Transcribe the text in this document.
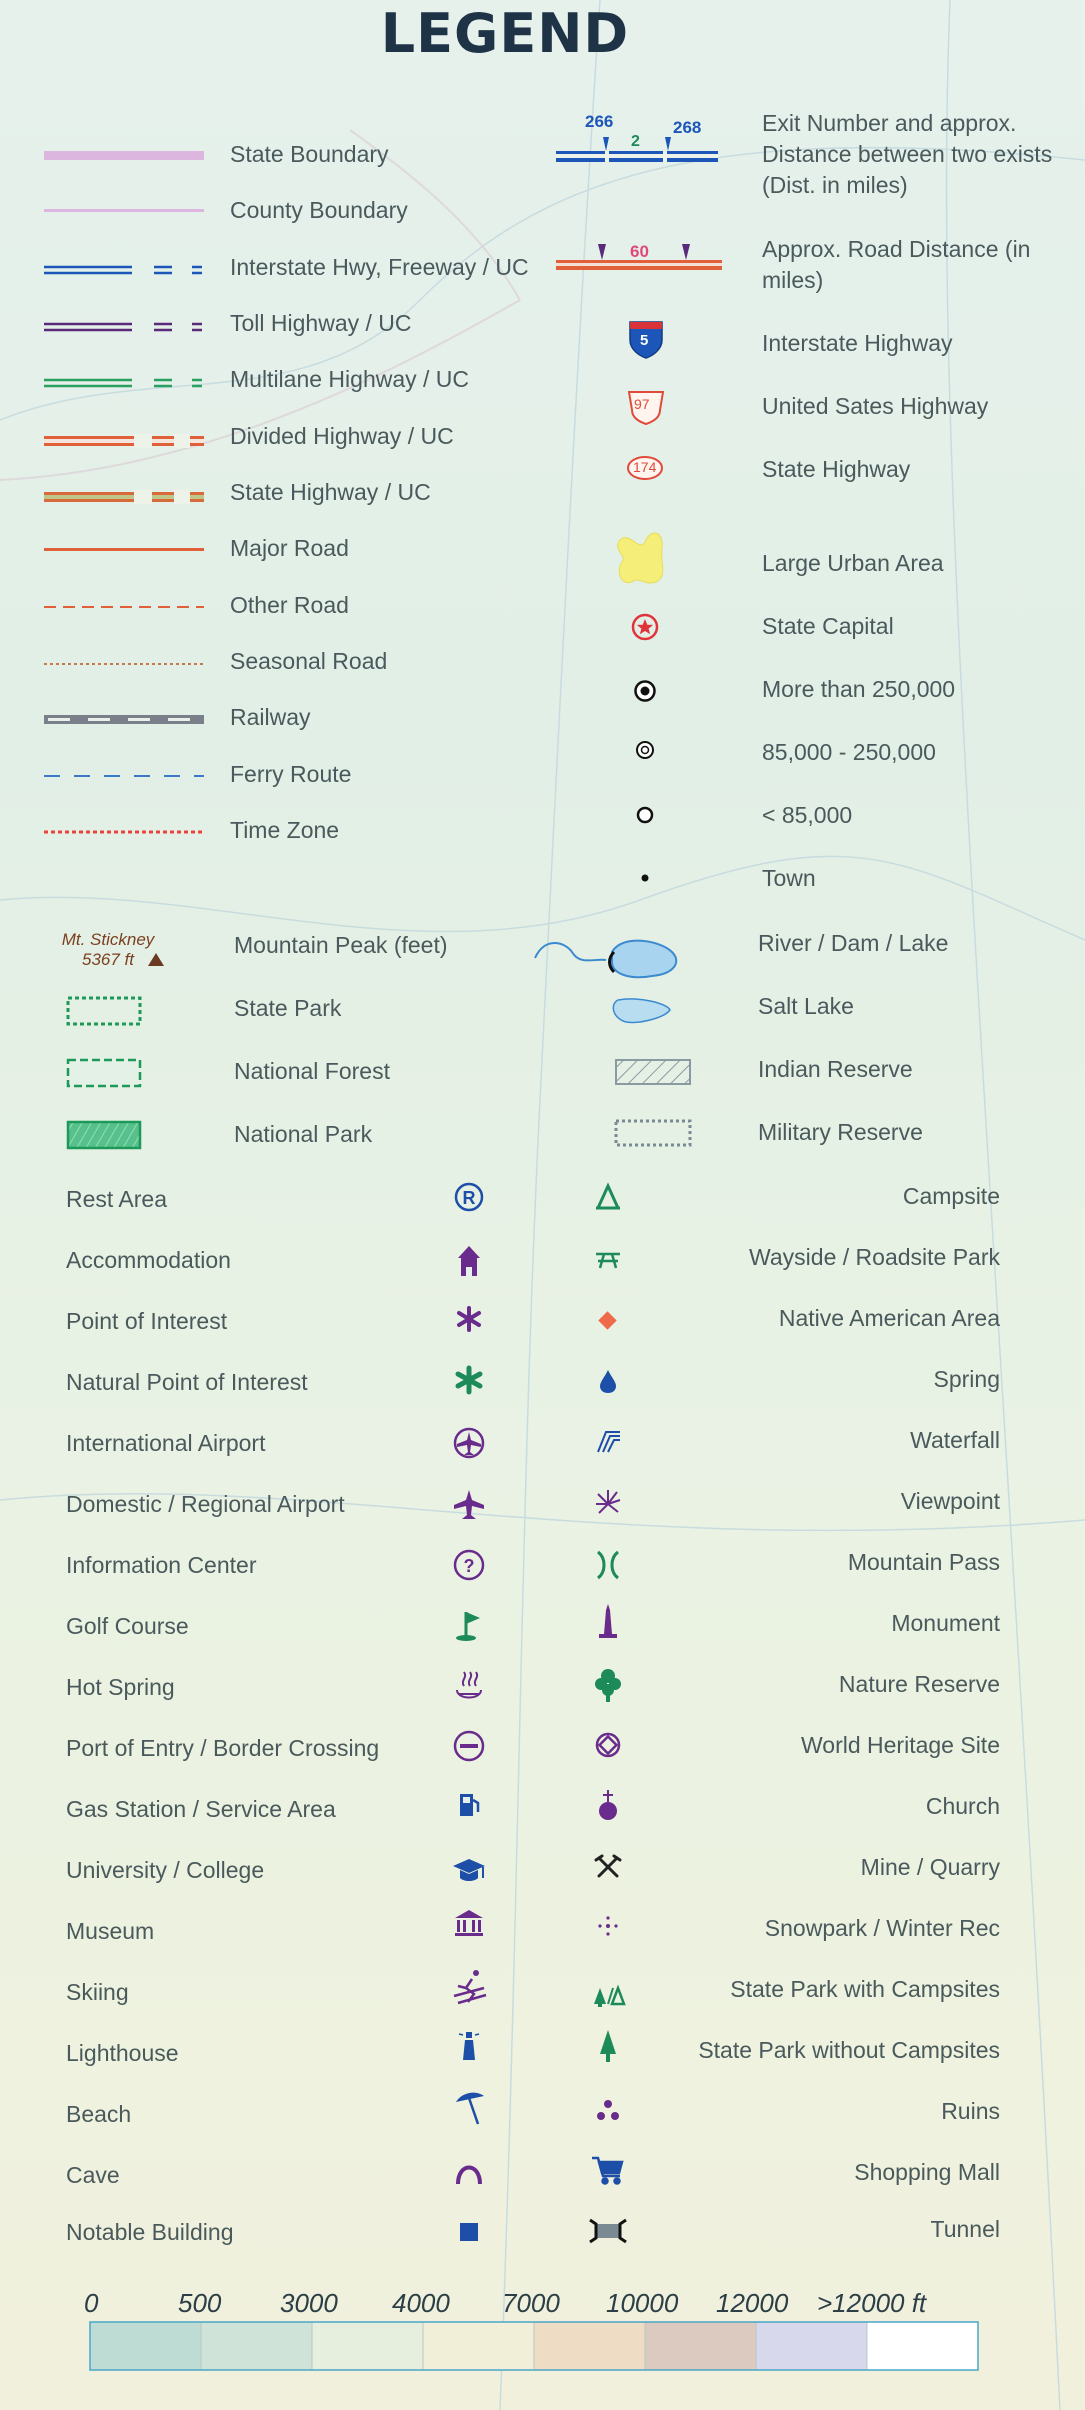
R
?
LEGEND
266
2
268
60
5
97
174
State Boundary
County Boundary
Interstate Hwy, Freeway / UC
Toll Highway / UC
Multilane Highway / UC
Divided Highway / UC
State Highway / UC
Major Road
Other Road
Seasonal Road
Railway
Ferry Route
Time Zone
Exit Number and approx. Distance between two exists (Dist. in miles)
Approx. Road Distance (in miles)
Interstate Highway
United Sates Highway
State Highway
Large Urban Area
State Capital
More than 250,000
85,000 - 250,000
< 85,000
Town
Mt. Stickney
5367 ft
Mountain Peak (feet)
State Park
National Forest
National Park
River / Dam / Lake
Salt Lake
Indian Reserve
Military Reserve
Rest Area
Accommodation
Point of Interest
Natural Point of Interest
International Airport
Domestic / Regional Airport
Information Center
Golf Course
Hot Spring
Port of Entry / Border Crossing
Gas Station / Service Area
University / College
Museum
Skiing
Lighthouse
Beach
Cave
Notable Building
Campsite
Wayside / Roadsite Park
Native American Area
Spring
Waterfall
Viewpoint
Mountain Pass
Monument
Nature Reserve
World Heritage Site
Church
Mine / Quarry
Snowpark / Winter Rec
State Park with Campsites
State Park without Campsites
Ruins
Shopping Mall
Tunnel
0	500 3000 4000 7000 10000 12000 >12000 ft
